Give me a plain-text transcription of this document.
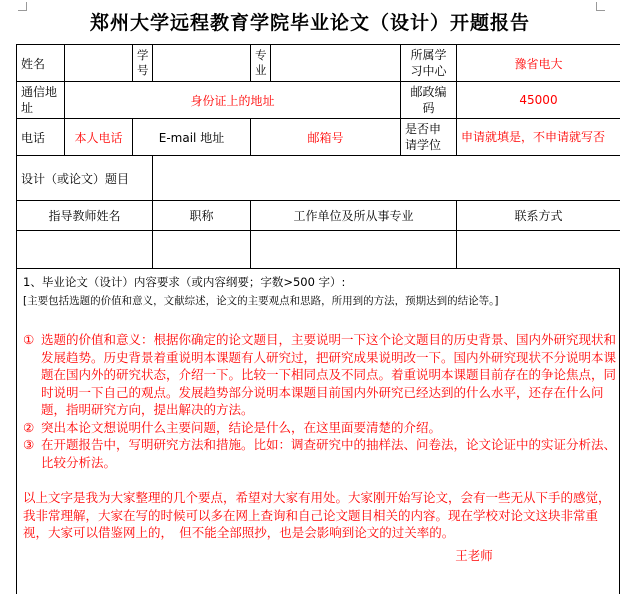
郑州大学远程教育学院毕业论文（设计）开题报告
姓名		学号		专业		所属学习中心	豫省电大
通信地址	身份证上的地址					邮政编码	45000
电话	本人电话	E-mail 地址		邮箱号		是否申请学位	申请就填是，不申请就写否
设计（或论文）题目							
指导教师姓名			职称	工作单位及所从事专业			联系方式

1、毕业论文（设计）内容要求（或内容纲要；字数>500 字）:
[主要包括选题的价值和意义，文献综述，论文的主要观点和思路，所用到的方法，预期达到的结论等。]
① 选题的价值和意义：根据你确定的论文题目，主要说明一下这个论文题目的历史背景、国内外研究现状和发展趋势。历史背景着重说明本课题有人研究过，把研究成果说明改一下。国内外研究现状不分说明本课题在国内外的研究状态，介绍一下。比较一下相同点及不同点。着重说明本课题目前存在的争论焦点，同时说明一下自己的观点。发展趋势部分说明本课题目前国内外研究已经达到的什么水平，还存在什么问题，指明研究方向，提出解决的方法。
② 突出本论文想说明什么主要问题，结论是什么，在这里面要清楚的介绍。
③ 在开题报告中，写明研究方法和措施。比如：调查研究中的抽样法、问卷法，论文论证中的实证分析法、比较分析法。
以上文字是我为大家整理的几个要点，希望对大家有用处。大家刚开始写论文，会有一些无从下手的感觉，我非常理解，大家在写的时候可以多在网上查询和自己论文题目相关的内容。现在学校对论文这块非常重视，大家可以借鉴网上的，　但不能全部照抄，也是会影响到论文的过关率的。
王老师
